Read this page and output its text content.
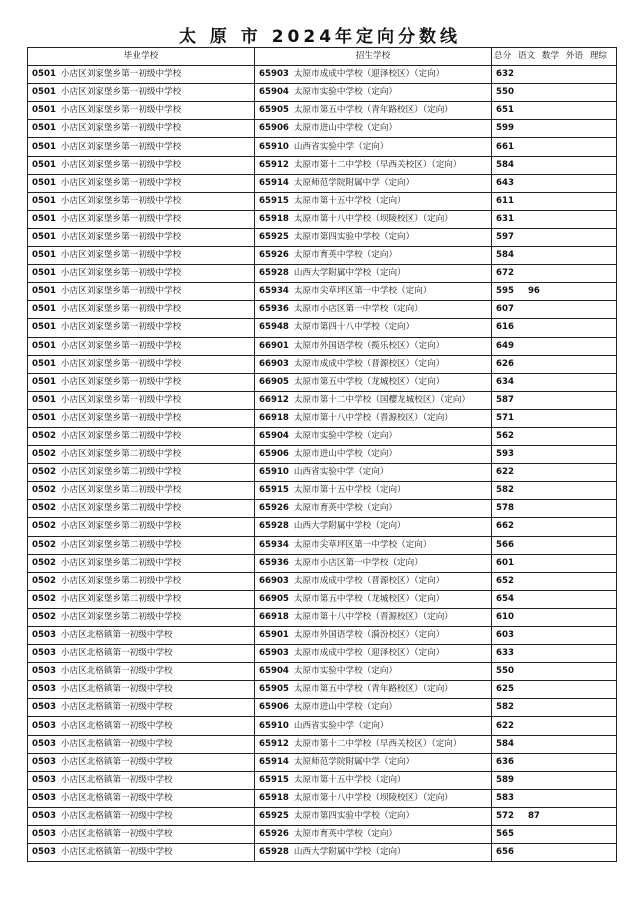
太 原 市 2024年定向分数线
毕业学校	招生学校	总分 语文 数学 外语 理综
0501 小店区刘家堡乡第一初级中学校	65903 太原市成成中学校（迎泽校区）（定向）	632
0501 小店区刘家堡乡第一初级中学校	65904 太原市实验中学校（定向）	550
0501 小店区刘家堡乡第一初级中学校	65905 太原市第五中学校（青年路校区）（定向）	651
0501 小店区刘家堡乡第一初级中学校	65906 太原市进山中学校（定向）	599
0501 小店区刘家堡乡第一初级中学校	65910 山西省实验中学（定向）	661
0501 小店区刘家堡乡第一初级中学校	65912 太原市第十二中学校（早西关校区）（定向）	584
0501 小店区刘家堡乡第一初级中学校	65914 太原师范学院附属中学（定向）	643
0501 小店区刘家堡乡第一初级中学校	65915 太原市第十五中学校（定向）	611
0501 小店区刘家堡乡第一初级中学校	65918 太原市第十八中学校（坝陵校区）（定向）	631
0501 小店区刘家堡乡第一初级中学校	65925 太原市第四实验中学校（定向）	597
0501 小店区刘家堡乡第一初级中学校	65926 太原市育英中学校（定向）	584
0501 小店区刘家堡乡第一初级中学校	65928 山西大学附属中学校（定向）	672
0501 小店区刘家堡乡第一初级中学校	65934 太原市尖草坪区第一中学校（定向）	595 96
0501 小店区刘家堡乡第一初级中学校	65936 太原市小店区第一中学校（定向）	607
0501 小店区刘家堡乡第一初级中学校	65948 太原市第四十八中学校（定向）	616
0501 小店区刘家堡乡第一初级中学校	66901 太原市外国语学校（揽乐校区）（定向）	649
0501 小店区刘家堡乡第一初级中学校	66903 太原市成成中学校（晋源校区）（定向）	626
0501 小店区刘家堡乡第一初级中学校	66905 太原市第五中学校（龙城校区）（定向）	634
0501 小店区刘家堡乡第一初级中学校	66912 太原市第十二中学校（国樱龙城校区）（定向）	587
0501 小店区刘家堡乡第一初级中学校	66918 太原市第十八中学校（晋源校区）（定向）	571
0502 小店区刘家堡乡第二初级中学校	65904 太原市实验中学校（定向）	562
0502 小店区刘家堡乡第二初级中学校	65906 太原市进山中学校（定向）	593
0502 小店区刘家堡乡第二初级中学校	65910 山西省实验中学（定向）	622
0502 小店区刘家堡乡第二初级中学校	65915 太原市第十五中学校（定向）	582
0502 小店区刘家堡乡第二初级中学校	65926 太原市育英中学校（定向）	578
0502 小店区刘家堡乡第二初级中学校	65928 山西大学附属中学校（定向）	662
0502 小店区刘家堡乡第二初级中学校	65934 太原市尖草坪区第一中学校（定向）	566
0502 小店区刘家堡乡第二初级中学校	65936 太原市小店区第一中学校（定向）	601
0502 小店区刘家堡乡第二初级中学校	66903 太原市成成中学校（晋源校区）（定向）	652
0502 小店区刘家堡乡第二初级中学校	66905 太原市第五中学校（龙城校区）（定向）	654
0502 小店区刘家堡乡第二初级中学校	66918 太原市第十八中学校（晋源校区）（定向）	610
0503 小店区北格镇第一初级中学校	65901 太原市外国语学校（漪汾校区）（定向）	603
0503 小店区北格镇第一初级中学校	65903 太原市成成中学校（迎泽校区）（定向）	633
0503 小店区北格镇第一初级中学校	65904 太原市实验中学校（定向）	550
0503 小店区北格镇第一初级中学校	65905 太原市第五中学校（青年路校区）（定向）	625
0503 小店区北格镇第一初级中学校	65906 太原市进山中学校（定向）	582
0503 小店区北格镇第一初级中学校	65910 山西省实验中学（定向）	622
0503 小店区北格镇第一初级中学校	65912 太原市第十二中学校（早西关校区）（定向）	584
0503 小店区北格镇第一初级中学校	65914 太原师范学院附属中学（定向）	636
0503 小店区北格镇第一初级中学校	65915 太原市第十五中学校（定向）	589
0503 小店区北格镇第一初级中学校	65918 太原市第十八中学校（坝陵校区）（定向）	583
0503 小店区北格镇第一初级中学校	65925 太原市第四实验中学校（定向）	572 87
0503 小店区北格镇第一初级中学校	65926 太原市育英中学校（定向）	565
0503 小店区北格镇第一初级中学校	65928 山西大学附属中学校（定向）	656
